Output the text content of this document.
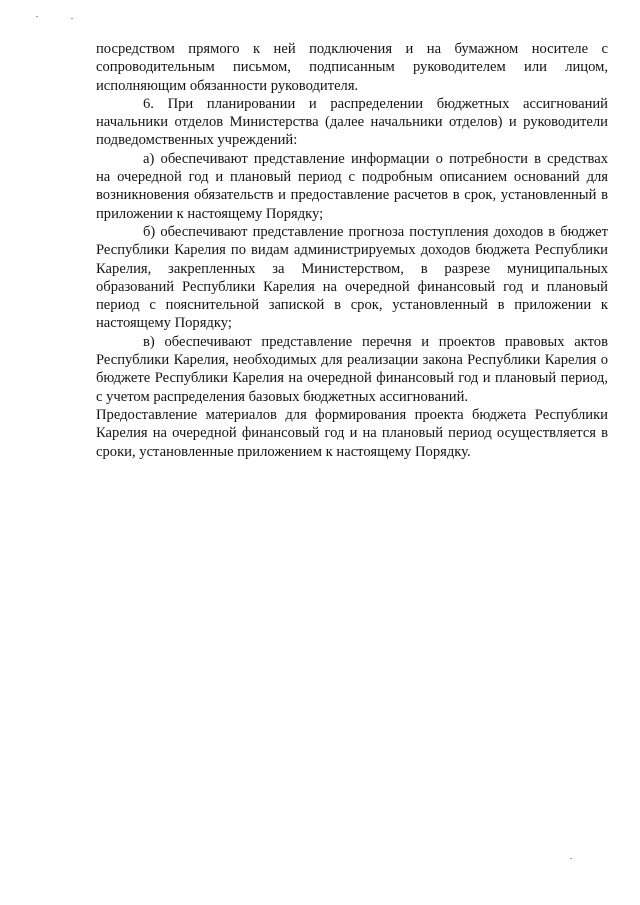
посредством прямого к ней подключения и на бумажном носителе с сопроводительным письмом, подписанным руководителем или лицом, исполняющим обязанности руководителя.

6. При планировании и распределении бюджетных ассигнований начальники отделов Министерства (далее начальники отделов) и руководители подведомственных учреждений:

а) обеспечивают представление информации о потребности в средствах на очередной год и плановый период с подробным описанием оснований для возникновения обязательств и предоставление расчетов в срок, установленный в приложении к настоящему Порядку;

б) обеспечивают представление прогноза поступления доходов в бюджет Республики Карелия по видам администрируемых доходов бюджета Республики Карелия, закрепленных за Министерством, в разрезе муниципальных образований Республики Карелия на очередной финансовый год и плановый период с пояснительной запиской в срок, установленный в приложении к настоящему Порядку;

в) обеспечивают представление перечня и проектов правовых актов Республики Карелия, необходимых для реализации закона Республики Карелия о бюджете Республики Карелия на очередной финансовый год и плановый период, с учетом распределения базовых бюджетных ассигнований.

Предоставление материалов для формирования проекта бюджета Республики Карелия на очередной финансовый год и на плановый период осуществляется в сроки, установленные приложением к настоящему Порядку.
